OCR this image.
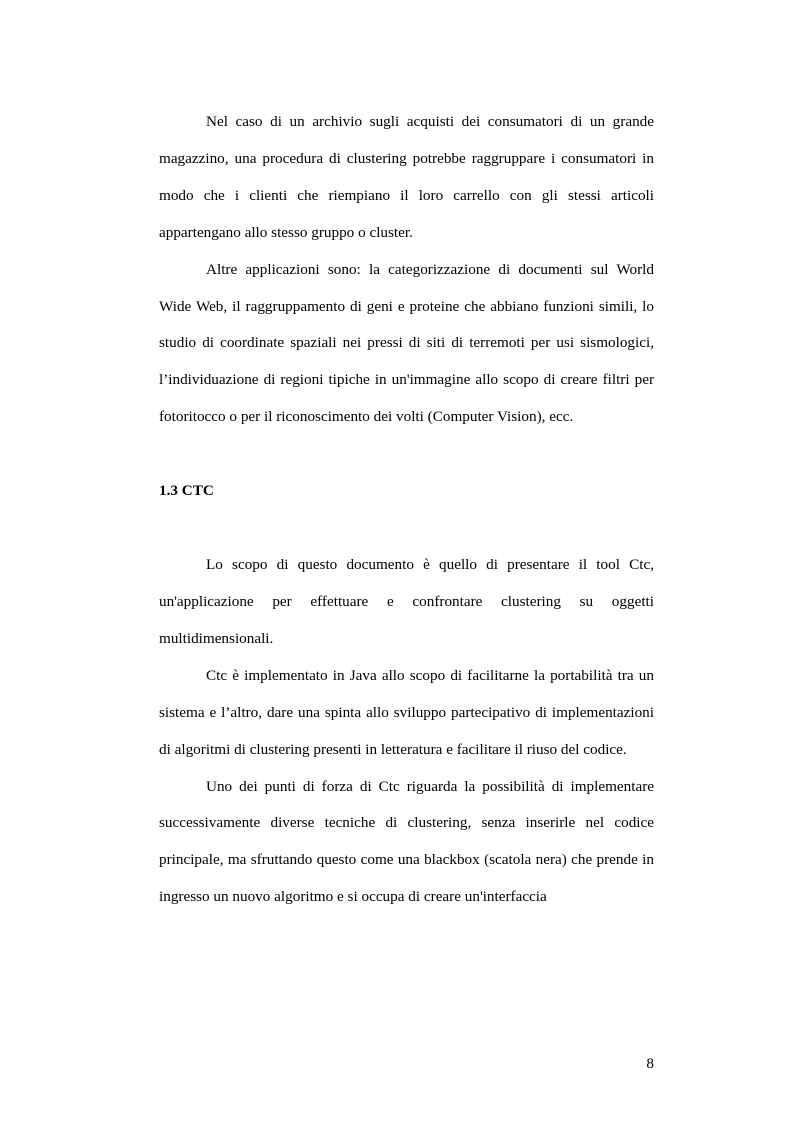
Nel caso di un archivio sugli acquisti dei consumatori di un grande magazzino, una procedura di clustering potrebbe raggruppare i consumatori in modo che i clienti che riempiano il loro carrello con gli stessi articoli appartengano allo stesso gruppo o cluster.

Altre applicazioni sono: la categorizzazione di documenti sul World Wide Web, il raggruppamento di geni e proteine che abbiano funzioni simili, lo studio di coordinate spaziali nei pressi di siti di terremoti per usi sismologici, l’individuazione di regioni tipiche in un'immagine allo scopo di creare filtri per fotoritocco o per il riconoscimento dei volti (Computer Vision), ecc.

1.3 CTC

Lo scopo di questo documento è quello di presentare il tool Ctc, un'applicazione per effettuare e confrontare clustering su oggetti multidimensionali.

Ctc è implementato in Java allo scopo di facilitarne la portabilità tra un sistema e l’altro, dare una spinta allo sviluppo partecipativo di implementazioni di algoritmi di clustering presenti in letteratura e facilitare il riuso del codice.

Uno dei punti di forza di Ctc riguarda la possibilità di implementare successivamente diverse tecniche di clustering, senza inserirle nel codice principale, ma sfruttando questo come una blackbox (scatola nera) che prende in ingresso un nuovo algoritmo e si occupa di creare un'interfaccia

8
